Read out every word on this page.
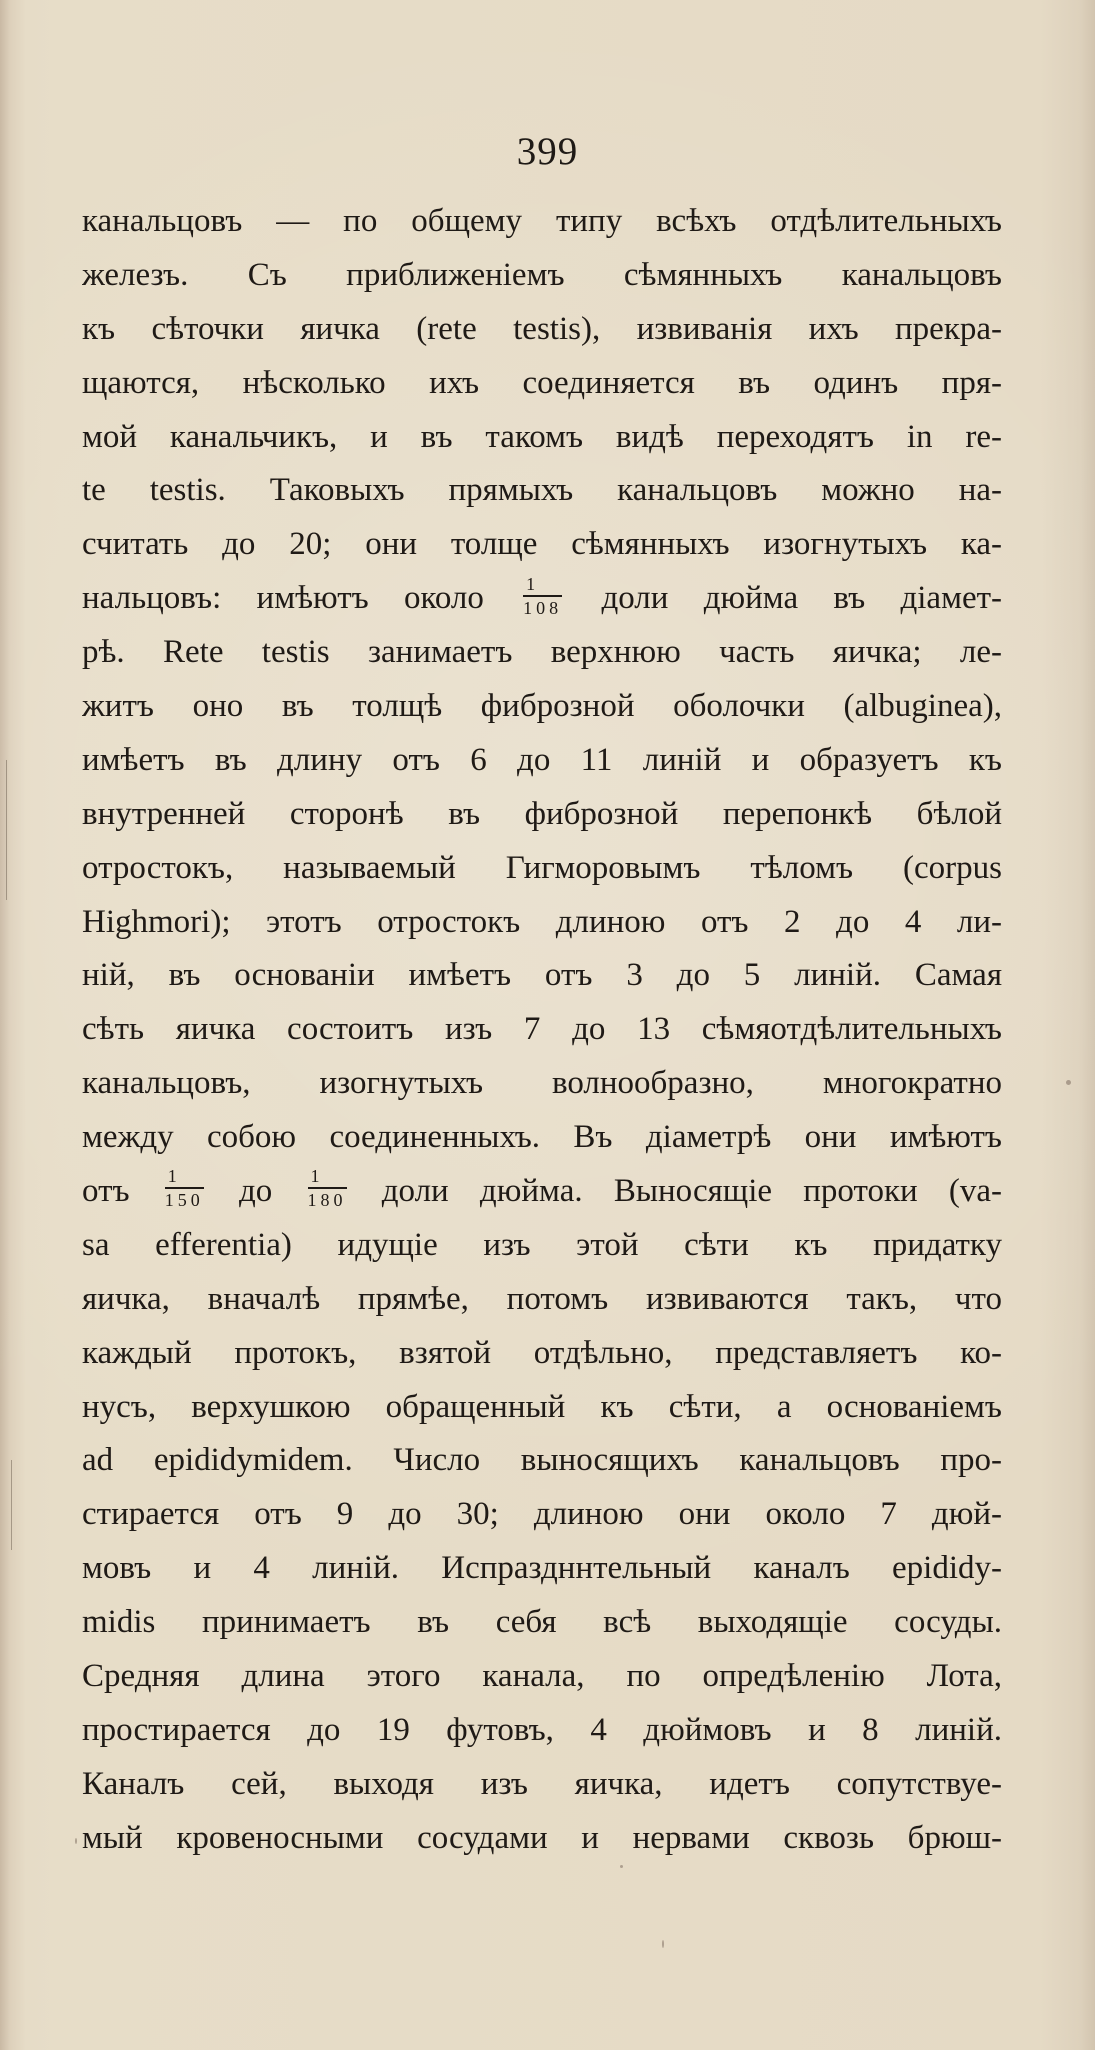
399
канальцовъ — по общему типу всѣхъ отдѣлительныхъ
железъ. Съ приближенiемъ сѣмянныхъ канальцовъ
къ сѣточки яичка (rete testis), извиванiя ихъ прекра-
щаются, нѣсколько ихъ соединяется въ одинъ пря-
мой канальчикъ, и въ такомъ видѣ переходятъ in re-
te testis. Таковыхъ прямыхъ канальцовъ можно на-
считать до 20; они толще сѣмянныхъ изогнутыхъ ка-
нальцовъ: имѣютъ около $\frac{1}{108}$ доли дюйма въ дiамет-
рѣ. Rete testis занимаетъ верхнюю часть яичка; ле-
житъ оно въ толщѣ фиброзной оболочки (albuginea),
имѣетъ въ длину отъ 6 до 11 линiй и образуетъ къ
внутренней сторонѣ въ фиброзной перепонкѣ бѣлой
отростокъ, называемый Гигморовымъ тѣломъ (corpus
Highmori); этотъ отростокъ длиною отъ 2 до 4 ли-
нiй, въ основанiи имѣетъ отъ 3 до 5 линiй. Самая
сѣть яичка состоитъ изъ 7 до 13 сѣмяотдѣлительныхъ
канальцовъ, изогнутыхъ волнообразно, многократно
между собою соединенныхъ. Въ дiаметрѣ они имѣютъ
отъ $\frac{1}{150}$ до $\frac{1}{180}$ доли дюйма. Выносящiе протоки (va-
sa efferentia) идущiе изъ этой сѣти къ придатку
яичка, вначалѣ прямѣе, потомъ извиваются такъ, что
каждый протокъ, взятой отдѣльно, представляетъ ко-
нусъ, верхушкою обращенный къ сѣти, а основанiемъ
ad epididymidem. Число выносящихъ канальцовъ про-
стирается отъ 9 до 30; длиною они около 7 дюй-
мовъ и 4 линiй. Испраздннтельный каналъ epididy-
midis принимаетъ въ себя всѣ выходящiе сосуды.
Средняя длина этого канала, по опредѣленiю Лота,
простирается до 19 футовъ, 4 дюймовъ и 8 линiй.
Каналъ сей, выходя изъ яичка, идетъ сопутствуе-
мый кровеносными сосудами и нервами сквозь брюш-
